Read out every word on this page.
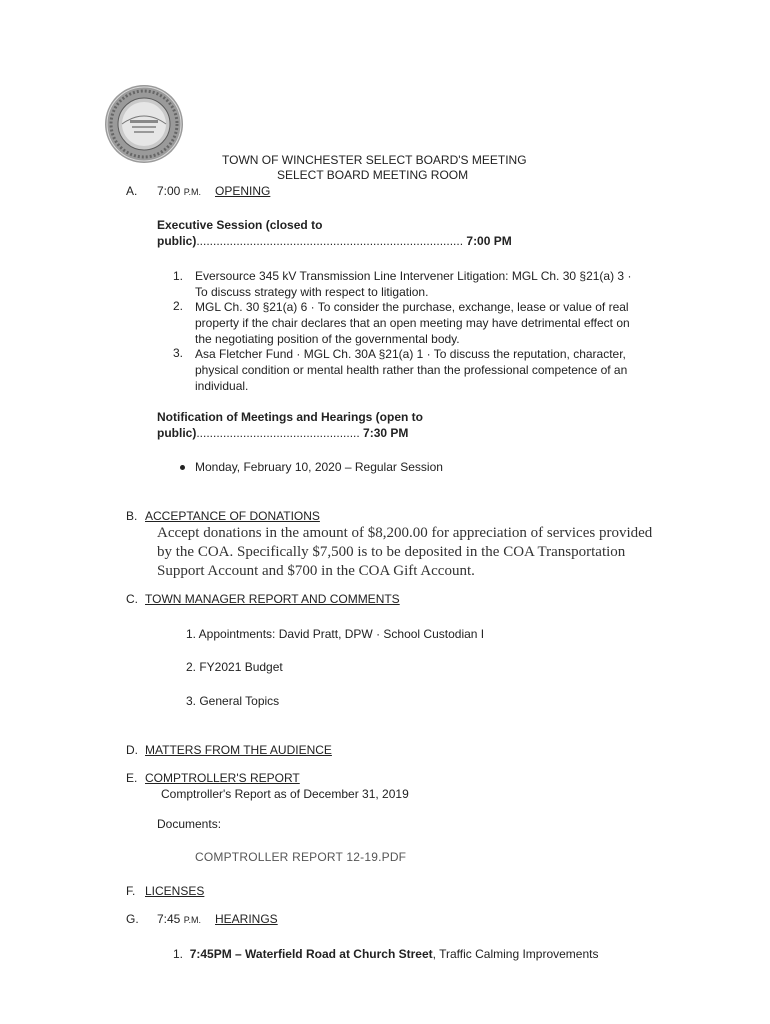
TOWN OF WINCHESTER SELECT BOARD'S MEETING
SELECT BOARD MEETING ROOM
A. 7:00 P.M. OPENING
Executive Session (closed to
public)................................................................................ 7:00 PM
1. Eversource 345 kV Transmission Line Intervener Litigation: MGL Ch. 30 §21(a) 3 ·
To discuss strategy with respect to litigation.
2. MGL Ch. 30 §21(a) 6 · To consider the purchase, exchange, lease or value of real
property if the chair declares that an open meeting may have detrimental effect on
the negotiating position of the governmental body.
3. Asa Fletcher Fund · MGL Ch. 30A §21(a) 1 · To discuss the reputation, character,
physical condition or mental health rather than the professional competence of an
individual.
Notification of Meetings and Hearings (open to
public)................................................. 7:30 PM
Monday, February 10, 2020 – Regular Session
B. ACCEPTANCE OF DONATIONS
Accept donations in the amount of $8,200.00 for appreciation of services provided
by the COA. Specifically $7,500 is to be deposited in the COA Transportation
Support Account and $700 in the COA Gift Account.
C. TOWN MANAGER REPORT AND COMMENTS
1. Appointments: David Pratt, DPW · School Custodian I
2. FY2021 Budget
3. General Topics
D. MATTERS FROM THE AUDIENCE
E. COMPTROLLER'S REPORT
Comptroller's Report as of December 31, 2019
Documents:
COMPTROLLER REPORT 12-19.PDF
F. LICENSES
G. 7:45 P.M. HEARINGS
1. 7:45PM – Waterfield Road at Church Street, Traffic Calming Improvements
